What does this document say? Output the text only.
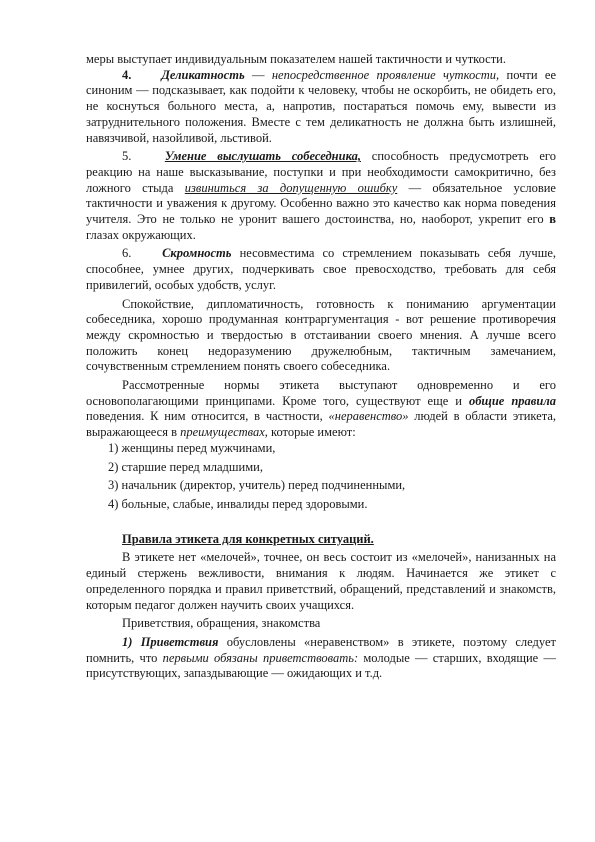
меры выступает индивидуальным показателем нашей тактичности и чуткости.

4. Деликатность — непосредственное проявление чуткости, почти ее синоним — подсказывает, как подойти к человеку, чтобы не оскорбить, не обидеть его, не коснуться больного места, а, напротив, постараться помочь ему, вывести из затруднительного положения. Вместе с тем деликатность не должна быть излишней, навязчивой, назойливой, льстивой.

5.	Умение выслушать собеседника, способность предусмотреть его реакцию на наше высказывание, поступки и при необходимости самокритично, без ложного стыда извиниться за допущенную ошибку — обязательное условие тактичности и уважения к другому. Особенно важно это качество как норма поведения учителя. Это не только не уронит вашего достоинства, но, наоборот, укрепит его в глазах окружающих.

6. Скромность несовместима со стремлением показывать себя лучше, способнее, умнее других, подчеркивать свое превосходство, требовать для себя привилегий, особых удобств, услуг.

Спокойствие, дипломатичность, готовность к пониманию аргументации собеседника, хорошо продуманная контраргументация - вот решение противоречия между скромностью и твердостью в отстаивании своего мнения. А лучше всего положить конец недоразумению дружелюбным, тактичным замечанием, сочувственным стремлением понять своего собеседника.

Рассмотренные нормы этикета выступают одновременно и его основополагающими принципами. Кроме того, существуют еще и общие правила поведения. К ним относится, в частности, «неравенство» людей в области этикета, выражающееся в преимуществах, которые имеют:

1) женщины перед мужчинами,
2) старшие перед младшими,
3) начальник (директор, учитель) перед подчиненными,
4) больные, слабые, инвалиды перед здоровыми.

Правила этикета для конкретных ситуаций.

В этикете нет «мелочей», точнее, он весь состоит из «мелочей», нанизанных на единый стержень вежливости, внимания к людям. Начинается же этикет с определенного порядка и правил приветствий, обращений, представлений и знакомств, которым педагог должен научить своих учащихся.

Приветствия, обращения, знакомства

1) Приветствия обусловлены «неравенством» в этикете, поэтому следует помнить, что первыми обязаны приветствовать: молодые — старших, входящие — присутствующих, запаздывающие — ожидающих и т.д.
